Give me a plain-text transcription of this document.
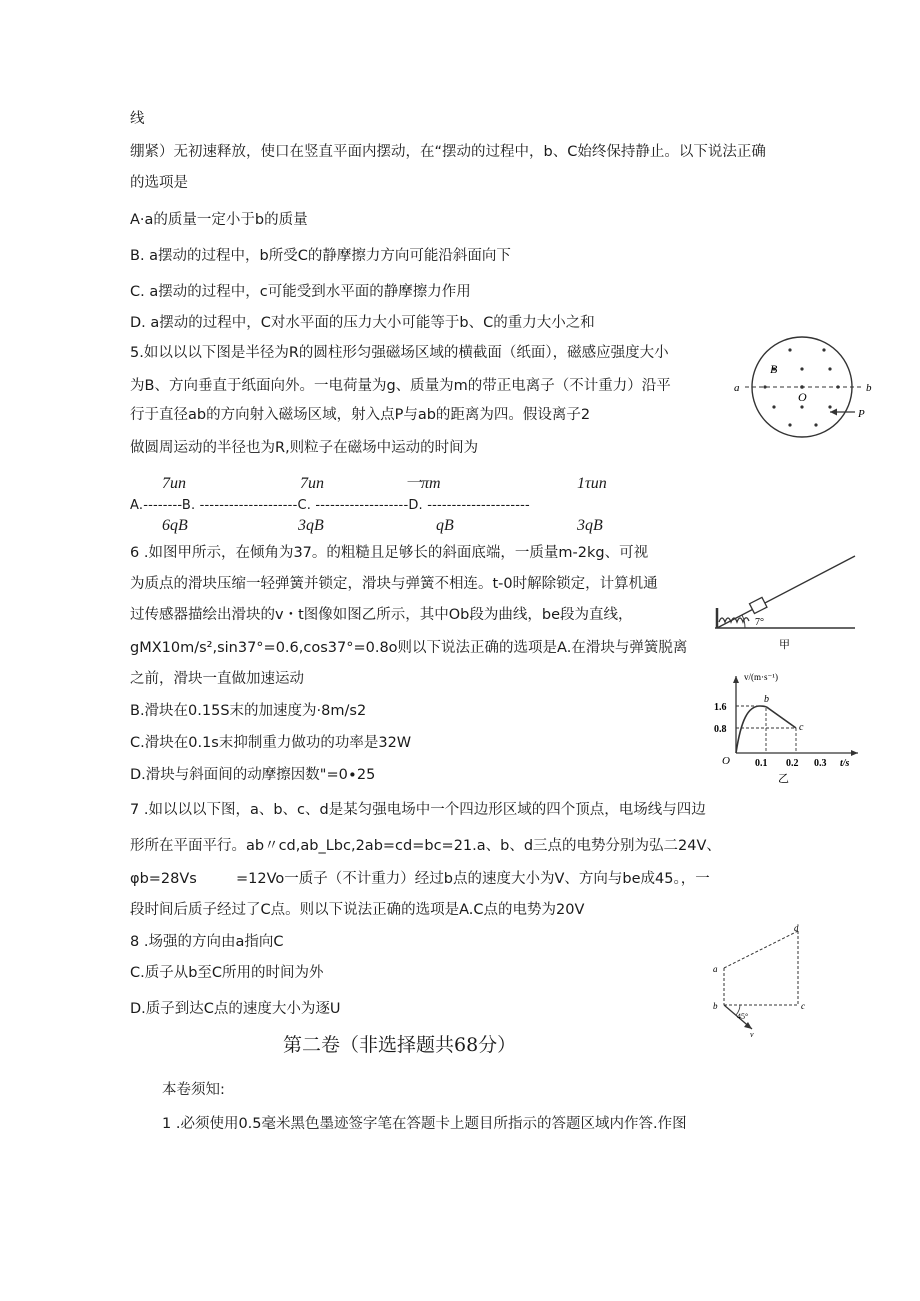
线
绷紧）无初速释放，使口在竖直平面内摆动，在“摆动的过程中，b、C始终保持静止。以下说法正确
的选项是
A·a的质量一定小于b的质量
B. a摆动的过程中，b所受C的静摩擦力方向可能沿斜面向下
C. a摆动的过程中，c可能受到水平面的静摩擦力作用
D. a摆动的过程中，C对水平面的压力大小可能等于b、C的重力大小之和
5.如以以以下图是半径为R的圆柱形匀强磁场区域的横截面（纸面），磁感应强度大小
为B、方向垂直于纸面向外。一电荷量为g、质量为m的带正电离子（不计重力）沿平
行于直径ab的方向射入磁场区域，射入点P与ab的距离为四。假设离子2
做圆周运动的半径也为R,则粒子在磁场中运动的时间为
7un	7un	一πm	1τun
A.--------B. --------------------C. -------------------D. ---------------------
6qB	3qB	qB	3qB
6 .如图甲所示，在倾角为37。的粗糙且足够长的斜面底端，一质量m-2kg、可视
为质点的滑块压缩一轻弹簧并锁定，滑块与弹簧不相连。t-0时解除锁定，计算机通
过传感器描绘出滑块的v・t图像如图乙所示，其中Ob段为曲线，be段为直线，
gMX10m∕s²,sin37°=0.6,cos37°=0.8o则以下说法正确的选项是A.在滑块与弹簧脱离
之前，滑块一直做加速运动
B.滑块在0.15S末的加速度为·8m∕s2
C.滑块在0.1s末抑制重力做功的功率是32W
D.滑块与斜面间的动摩擦因数"=0∙25
7 .如以以以下图，a、b、c、d是某匀强电场中一个四边形区域的四个顶点，电场线与四边
形所在平面平行。ab〃cd,ab_Lbc,2ab=cd=bc=21.a、b、d三点的电势分别为弘二24V、
φb=28Vs	=12Vo一质子（不计重力）经过b点的速度大小为V、方向与be成45。，一
段时间后质子经过了C点。则以下说法正确的选项是A.C点的电势为20V
8 .场强的方向由a指向C
C.质子从b至C所用的时间为外
D.质子到达C点的速度大小为逐U
第二卷（非选择题共68分）
本卷须知:
1 .必须使用0.5毫米黑色墨迹签字笔在答题卡上题目所指示的答题区域内作答.作图
a	b
B
O
P
7°
甲
v/(m·s⁻¹)
1.6
0.8
O	0.1 0.2 0.3 t/s
b
c
乙
a
b	c
d
v
45°
